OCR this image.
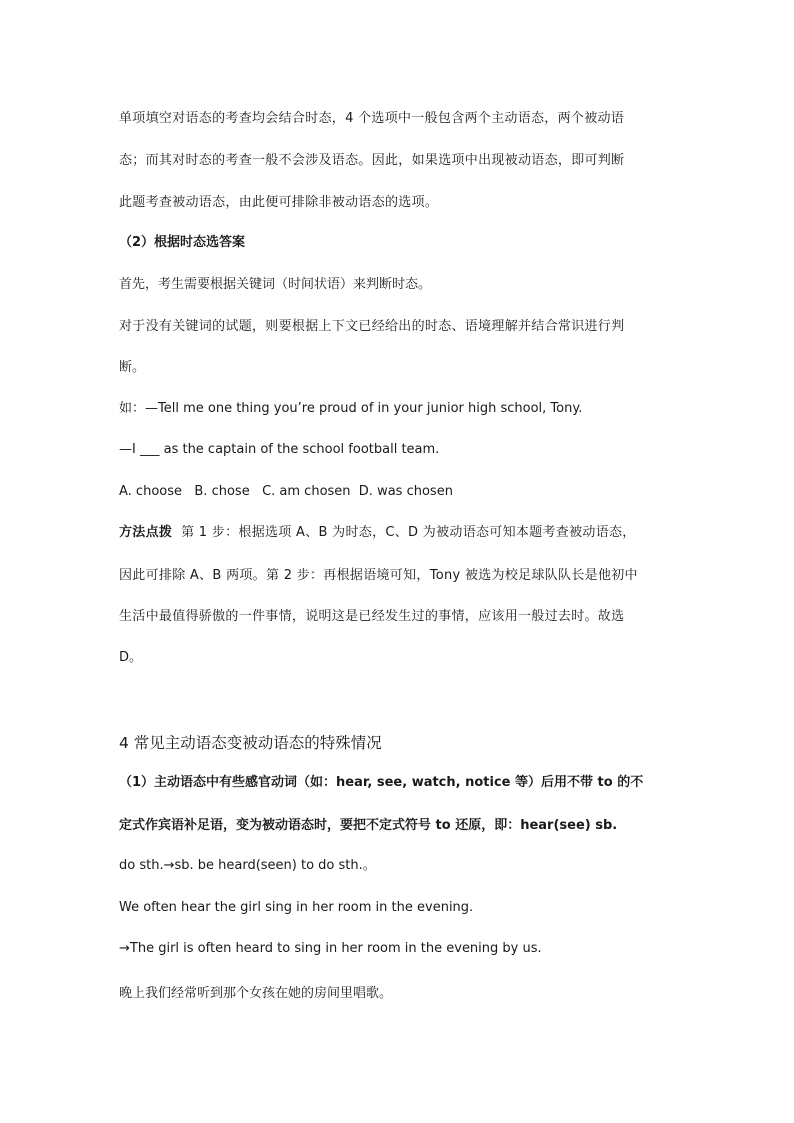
单项填空对语态的考查均会结合时态，4 个选项中一般包含两个主动语态，两个被动语
态；而其对时态的考查一般不会涉及语态。因此，如果选项中出现被动语态，即可判断
此题考查被动语态，由此便可排除非被动语态的选项。
（2）根据时态选答案
首先，考生需要根据关键词（时间状语）来判断时态。
对于没有关键词的试题，则要根据上下文已经给出的时态、语境理解并结合常识进行判
断。
如：—Tell me one thing you’re proud of in your junior high school, Tony.
—I ___ as the captain of the school football team.
A. choose   B. chose   C. am chosen  D. was chosen
方法点拨  第 1 步：根据选项 A、B 为时态，C、D 为被动语态可知本题考查被动语态，
因此可排除 A、B 两项。第 2 步：再根据语境可知，Tony 被选为校足球队队长是他初中
生活中最值得骄傲的一件事情，说明这是已经发生过的事情，应该用一般过去时。故选
D。
4 常见主动语态变被动语态的特殊情况
（1）主动语态中有些感官动词（如：hear, see, watch, notice 等）后用不带 to 的不
定式作宾语补足语，变为被动语态时，要把不定式符号 to 还原，即：hear(see) sb.
do sth.→sb. be heard(seen) to do sth.。
We often hear the girl sing in her room in the evening.
→The girl is often heard to sing in her room in the evening by us.
晚上我们经常听到那个女孩在她的房间里唱歌。
